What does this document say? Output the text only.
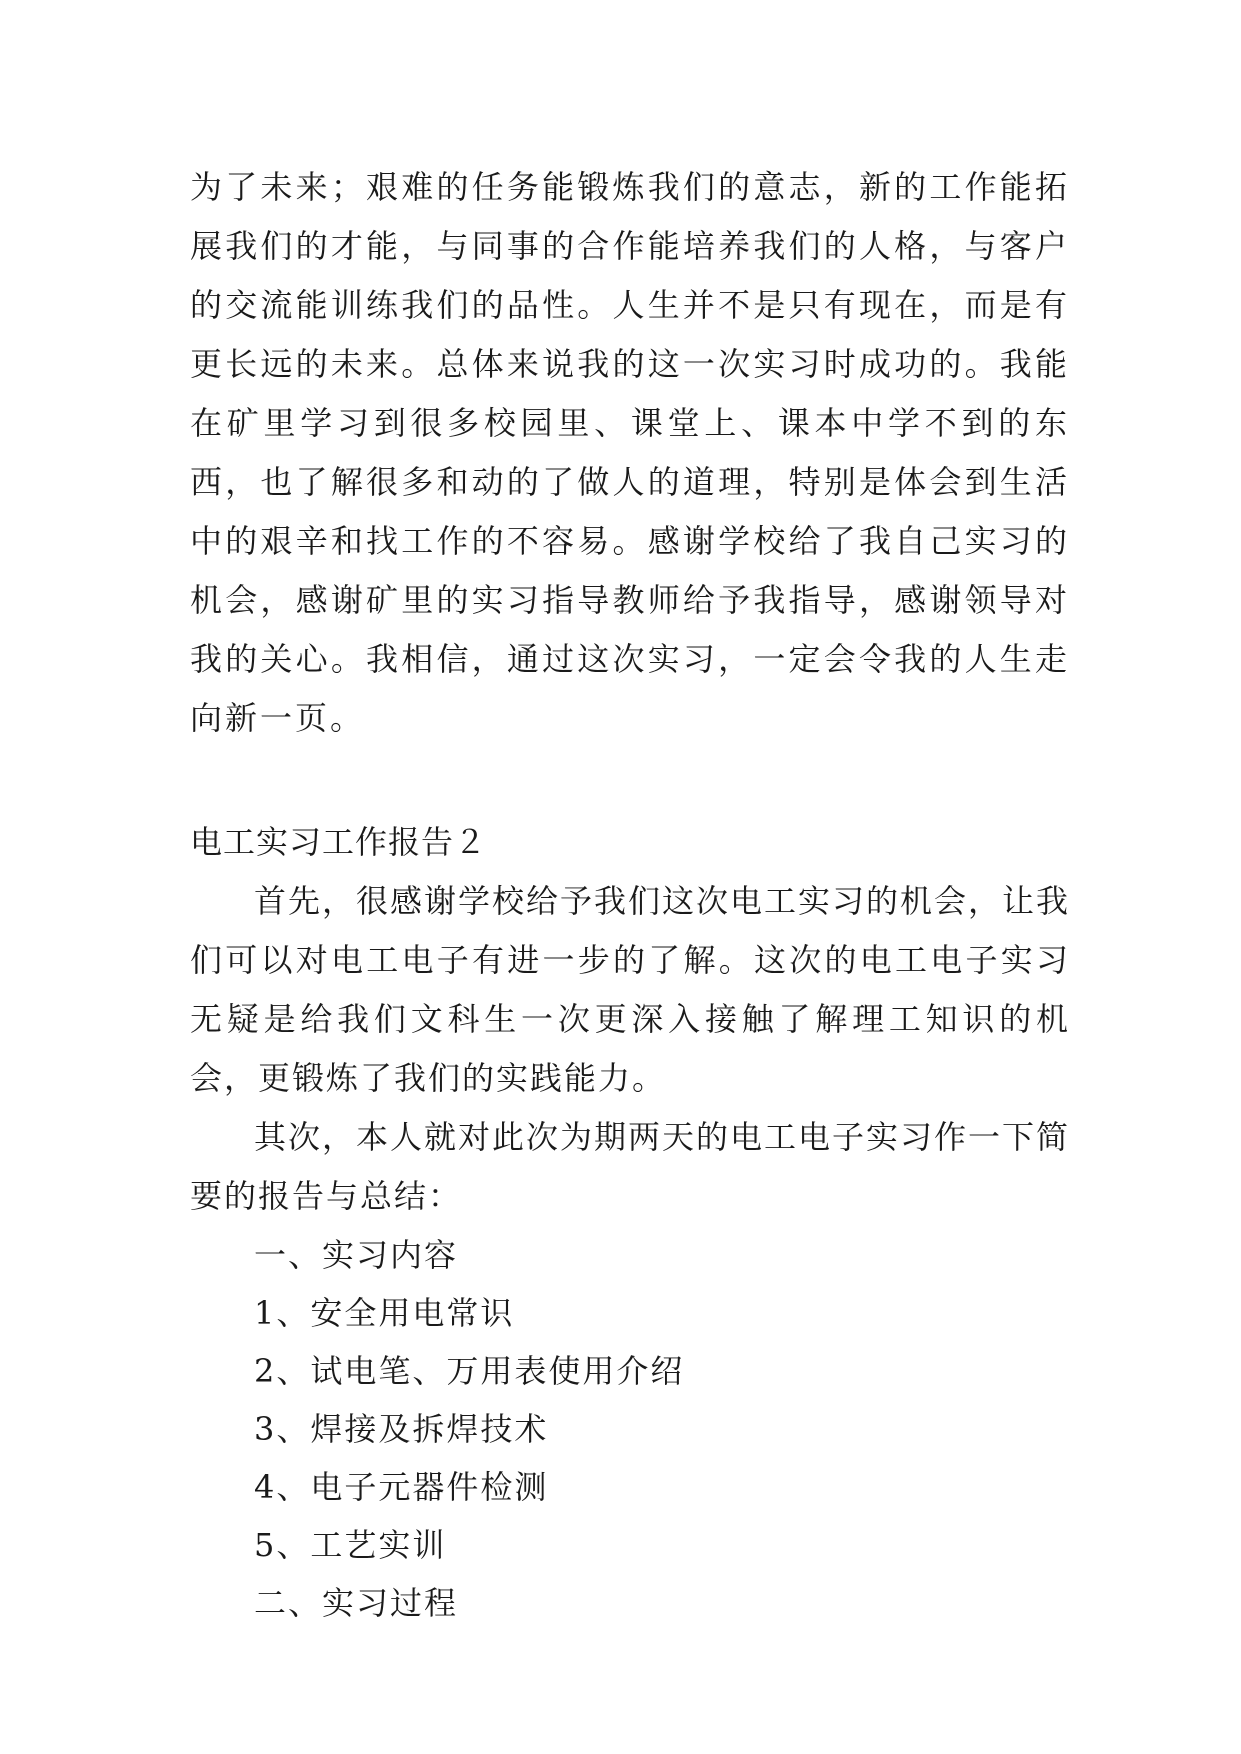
为了未来；艰难的任务能锻炼我们的意志，新的工作能拓展我们的才能，与同事的合作能培养我们的人格，与客户的交流能训练我们的品性。人生并不是只有现在，而是有更长远的未来。总体来说我的这一次实习时成功的。我能在矿里学习到很多校园里、课堂上、课本中学不到的东西，也了解很多和动的了做人的道理，特别是体会到生活中的艰辛和找工作的不容易。感谢学校给了我自己实习的机会，感谢矿里的实习指导教师给予我指导，感谢领导对我的关心。我相信，通过这次实习，一定会令我的人生走向新一页。

电工实习工作报告２

首先，很感谢学校给予我们这次电工实习的机会，让我们可以对电工电子有进一步的了解。这次的电工电子实习无疑是给我们文科生一次更深入接触了解理工知识的机会，更锻炼了我们的实践能力。

其次，本人就对此次为期两天的电工电子实习作一下简要的报告与总结：

一、实习内容

1、安全用电常识

2、试电笔、万用表使用介绍

3、焊接及拆焊技术

4、电子元器件检测

5、工艺实训

二、实习过程
